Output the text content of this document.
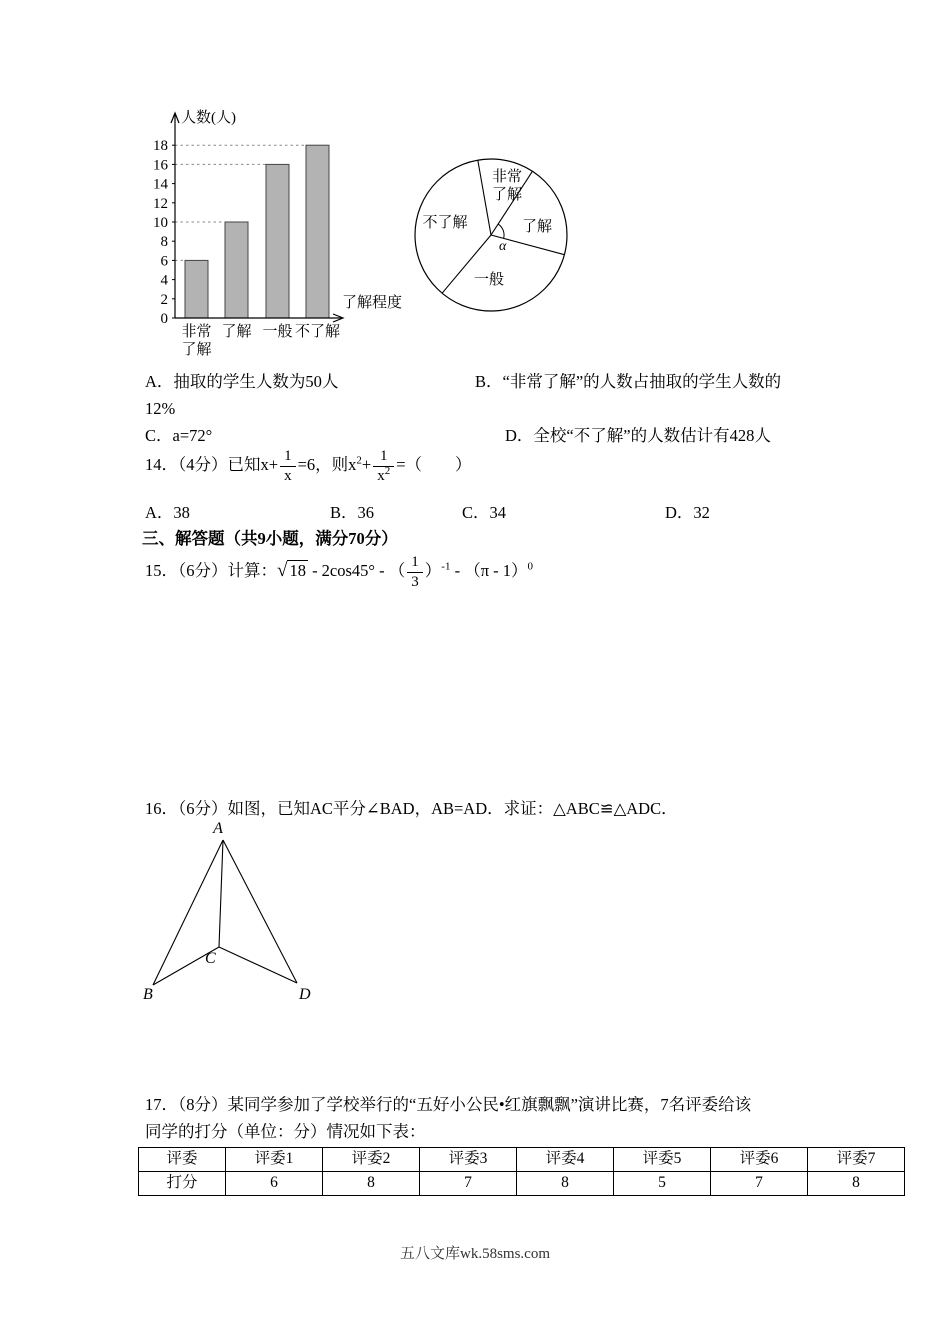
0
2
4
6
8
10
12
14
16
18
人数(人)
了解程度
非常
了解
了解 一般 不了解
α
非常
了解
了解
一般
不了解
A．抽取的学生人数为50人	B．“非常了解”的人数占抽取的学生人数的
12%
C．a=72°	D．全校“不了解”的人数估计有428人
14．（4分）已知$x+ \frac{1}{x} =6$，则$x^2+ \frac{1}{x^2}$ =（　　）
A．38	B．36	C．34	D．32
三、解答题（共9小题，满分70分）
15．（6分）计算：√ 18 - 2cos45° - （ $\frac{1}{3} )^{-1} - (\pi - 1)^0$
16．（6分）如图，已知AC平分∠BAD，AB=AD．求证：△ABC≌△ADC．
A
B
C
D
17．（8分）某同学参加了学校举行的“五好小公民•红旗飘飘”演讲比赛，7名评委给该
同学的打分（单位：分）情况如下表：
评委	评委1	评委2	评委3	评委4	评委5	评委6	评委7
打分	6	8	7	8	5	7	8
五八文库wk.58sms.com
